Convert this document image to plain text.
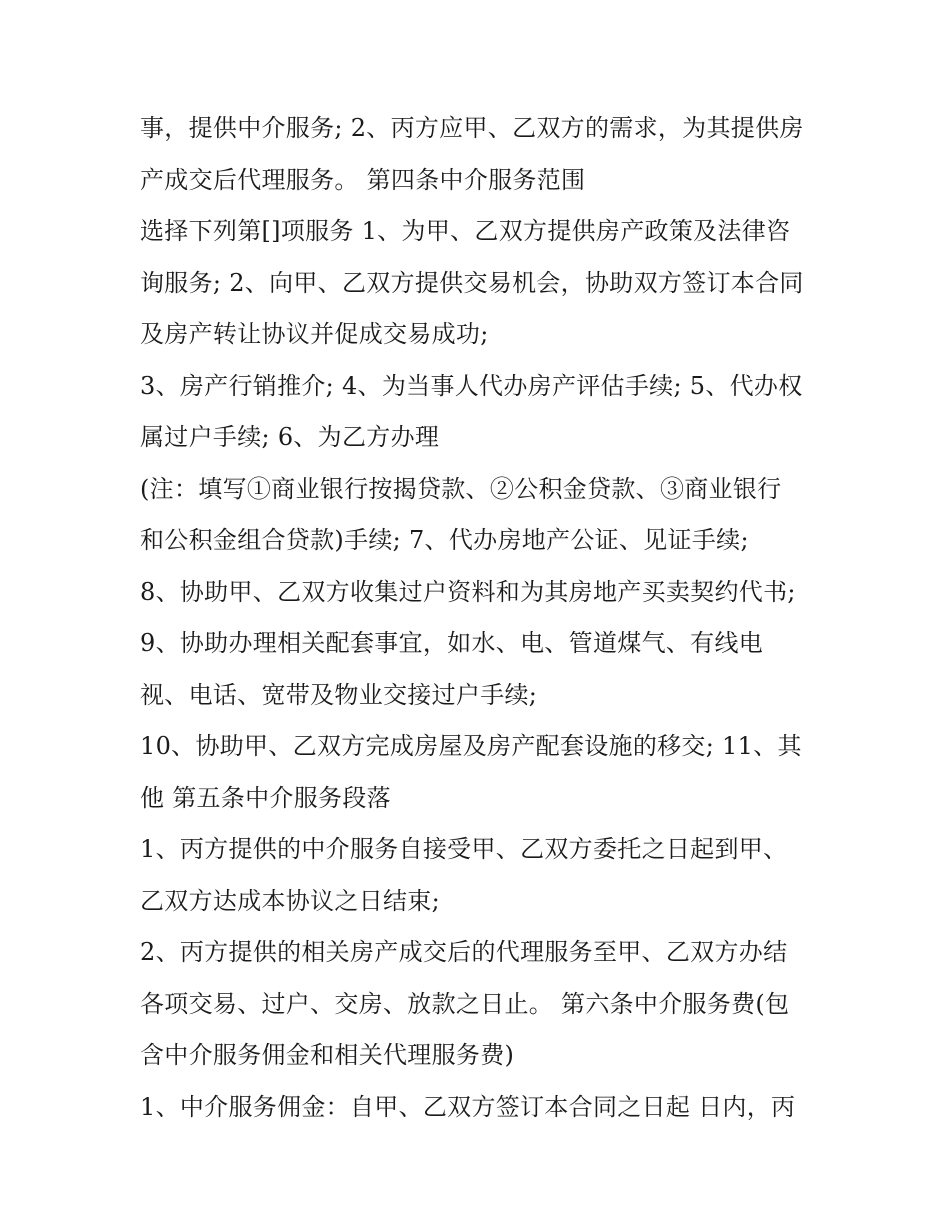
事，提供中介服务; 2、丙方应甲、乙双方的需求，为其提供房
产成交后代理服务。 第四条中介服务范围
选择下列第[]项服务 1、为甲、乙双方提供房产政策及法律咨
询服务; 2、向甲、乙双方提供交易机会，协助双方签订本合同
及房产转让协议并促成交易成功;
3、房产行销推介; 4、为当事人代办房产评估手续; 5、代办权
属过户手续; 6、为乙方办理
(注：填写①商业银行按揭贷款、②公积金贷款、③商业银行
和公积金组合贷款)手续; 7、代办房地产公证、见证手续;
8、协助甲、乙双方收集过户资料和为其房地产买卖契约代书;
9、协助办理相关配套事宜，如水、电、管道煤气、有线电
视、电话、宽带及物业交接过户手续;
10、协助甲、乙双方完成房屋及房产配套设施的移交; 11、其
他 第五条中介服务段落
1、丙方提供的中介服务自接受甲、乙双方委托之日起到甲、
乙双方达成本协议之日结束;
2、丙方提供的相关房产成交后的代理服务至甲、乙双方办结
各项交易、过户、交房、放款之日止。 第六条中介服务费(包
含中介服务佣金和相关代理服务费)
1、中介服务佣金：自甲、乙双方签订本合同之日起 日内，丙
